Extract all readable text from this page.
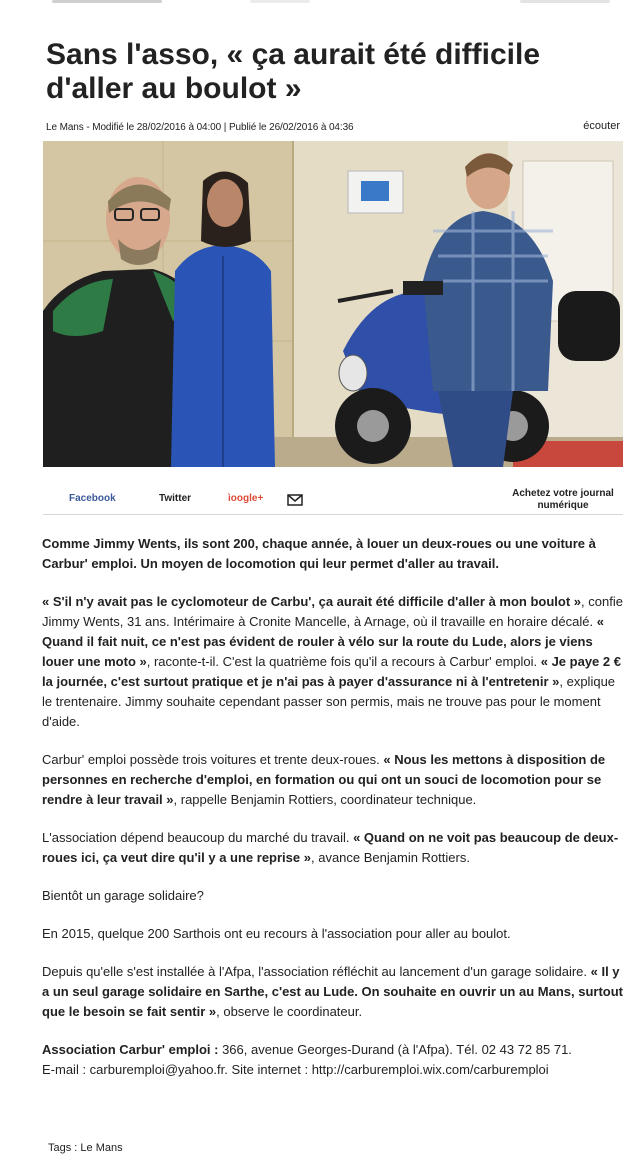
Sans l'asso, « ça aurait été difficile d'aller au boulot »
Le Mans - Modifié le 28/02/2016 à 04:00 | Publié le 26/02/2016 à 04:36	écouter
Facebook	Twitter	ìoogle+	Achetez votre journal
numérique

Comme Jimmy Wents, ils sont 200, chaque année, à louer un deux-roues ou une voiture à Carbur' emploi. Un moyen de locomotion qui leur permet d'aller au travail.

« S'il n'y avait pas le cyclomoteur de Carbu', ça aurait été difficile d'aller à mon boulot », confie Jimmy Wents, 31 ans. Intérimaire à Cronite Mancelle, à Arnage, où il travaille en horaire décalé. « Quand il fait nuit, ce n'est pas évident de rouler à vélo sur la route du Lude, alors je viens louer une moto », raconte-t-il. C'est la quatrième fois qu'il a recours à Carbur' emploi. « Je paye 2 € la journée, c'est surtout pratique et je n'ai pas à payer d'assurance ni à l'entretenir », explique le trentenaire. Jimmy souhaite cependant passer son permis, mais ne trouve pas pour le moment d'aide.

Carbur' emploi possède trois voitures et trente deux-roues. « Nous les mettons à disposition de personnes en recherche d'emploi, en formation ou qui ont un souci de locomotion pour se rendre à leur travail », rappelle Benjamin Rottiers, coordinateur technique.

L'association dépend beaucoup du marché du travail. « Quand on ne voit pas beaucoup de deux-roues ici, ça veut dire qu'il y a une reprise », avance Benjamin Rottiers.

Bientôt un garage solidaire?

En 2015, quelque 200 Sarthois ont eu recours à l'association pour aller au boulot.

Depuis qu'elle s'est installée à l'Afpa, l'association réfléchit au lancement d'un garage solidaire. « Il y a un seul garage solidaire en Sarthe, c'est au Lude. On souhaite en ouvrir un au Mans, surtout que le besoin se fait sentir », observe le coordinateur.

Association Carbur' emploi : 366, avenue Georges-Durand (à l'Afpa). Tél. 02 43 72 85 71.
E-mail : carburemploi@yahoo.fr. Site internet : http://carburemploi.wix.com/carburemploi

Tags : Le Mans
